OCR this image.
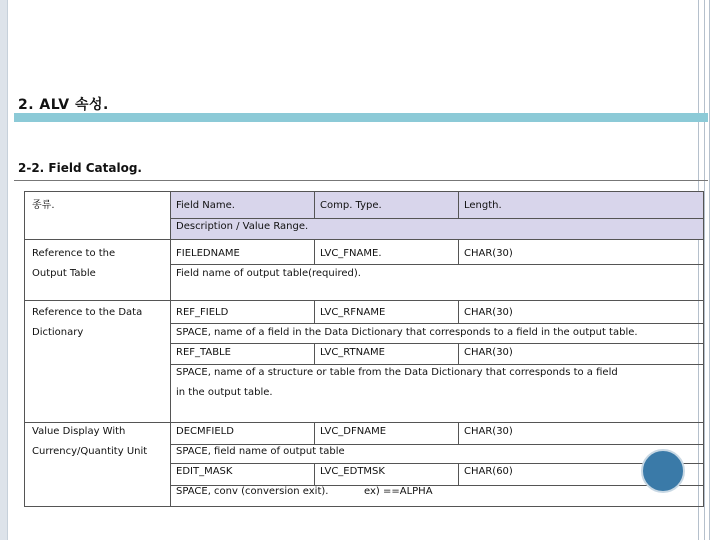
2. ALV 속성.
2-2. Field Catalog.
종류.	Field Name.	Comp. Type.	Length.
Description / Value Range.
Reference to the
Output Table
FIELEDNAME	LVC_FNAME.	CHAR(30)
Field name of output table(required).
Reference to the Data
Dictionary
REF_FIELD	LVC_RFNAME	CHAR(30)
SPACE, name of a field in the Data Dictionary that corresponds to a field in the output table.
REF_TABLE	LVC_RTNAME	CHAR(30)
SPACE, name of a structure or table from the Data Dictionary that corresponds to a field
in the output table.
Value Display With
Currency/Quantity Unit
DECMFIELD	LVC_DFNAME	CHAR(30)
SPACE, field name of output table
EDIT_MASK	LVC_EDTMSK	CHAR(60)
SPACE, conv (conversion exit).	ex) ==ALPHA
